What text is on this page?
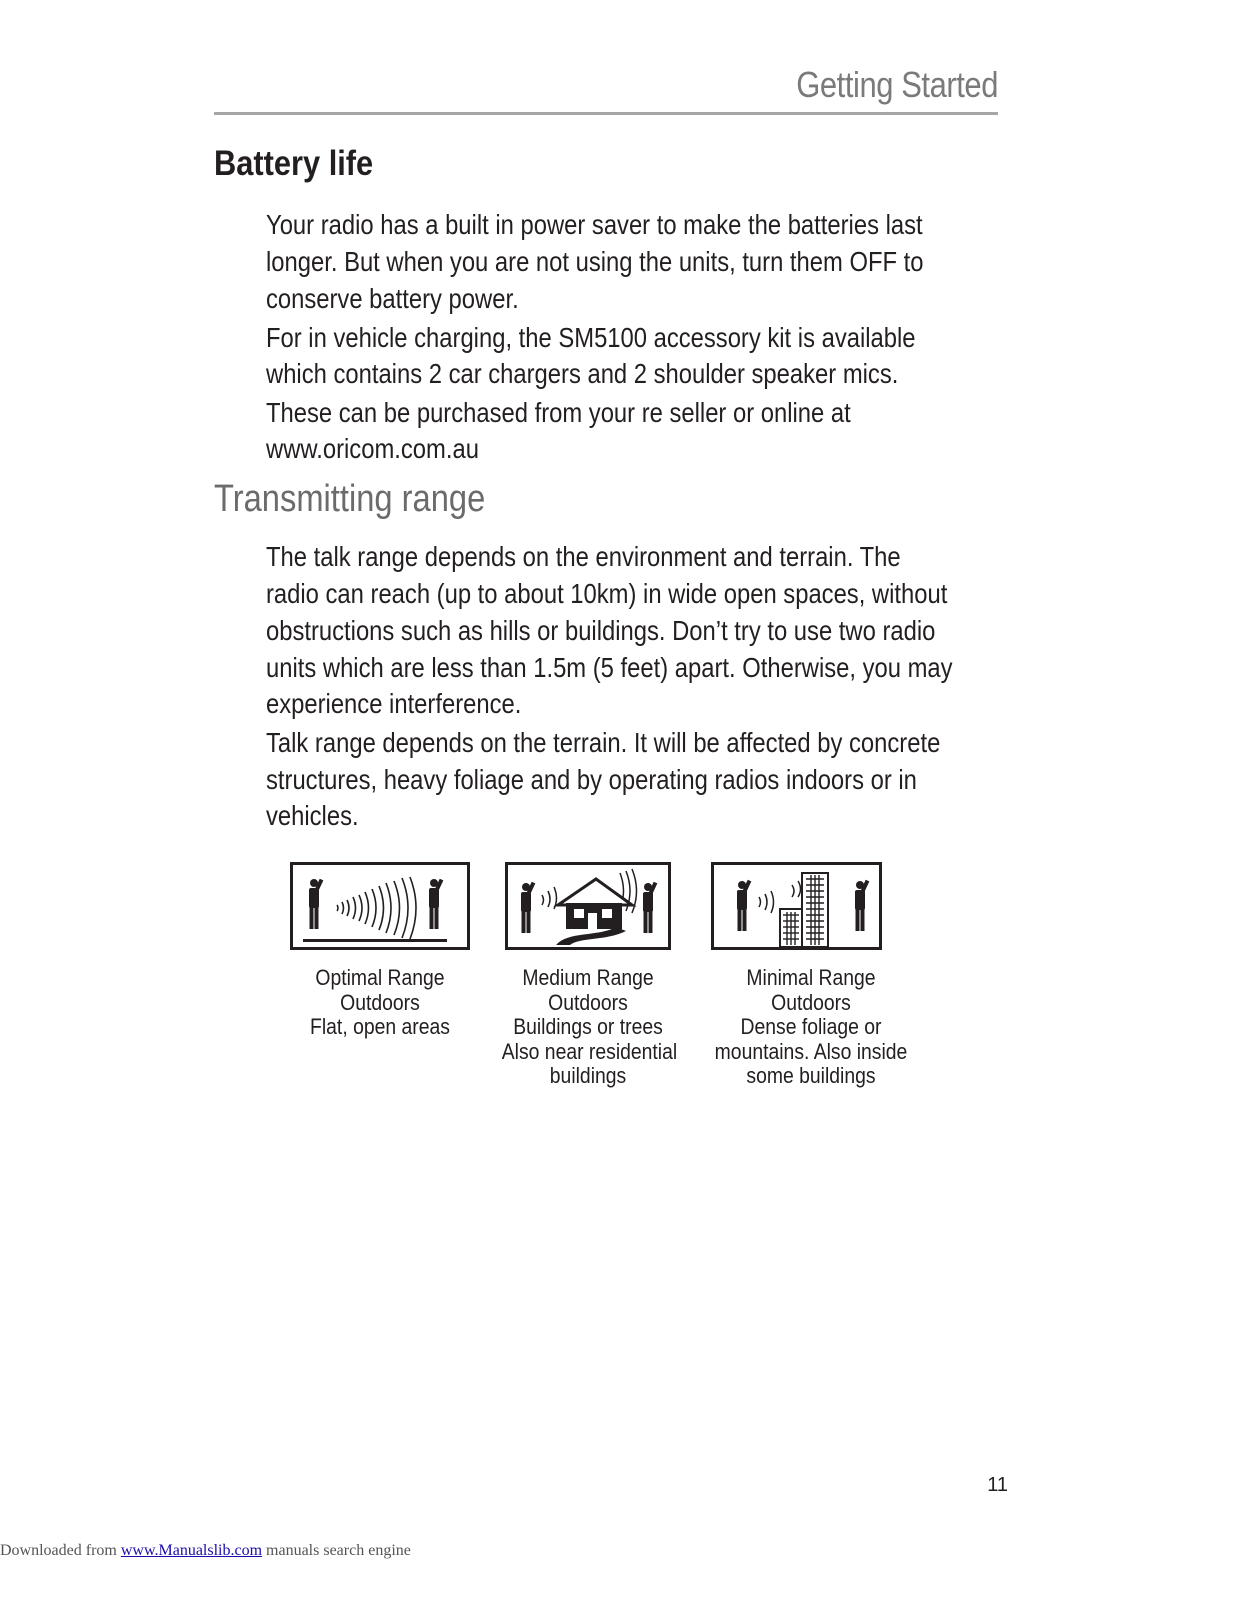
Getting Started
Battery life

Your radio has a built in power saver to make the batteries last

longer. But when you are not using the units, turn them OFF to

conserve battery power.

For in vehicle charging, the SM5100 accessory kit is available

which contains 2 car chargers and 2 shoulder speaker mics.

These can be purchased from your re seller or online at

www.oricom.com.au

Transmitting range

The talk range depends on the environment and terrain. The

radio can reach (up to about 10km) in wide open spaces, without

obstructions such as hills or buildings. Don’t try to use two radio

units which are less than 1.5m (5 feet) apart. Otherwise, you may

experience interference.

Talk range depends on the terrain. It will be affected by concrete

structures, heavy foliage and by operating radios indoors or in

vehicles.

Optimal Range
Outdoors
Flat, open areas
Medium Range
Outdoors
Buildings or trees
Also near residential
buildings
Minimal Range
Outdoors
Dense foliage or
mountains. Also inside
some buildings
11
Downloaded from www.Manualslib.com manuals search engine
